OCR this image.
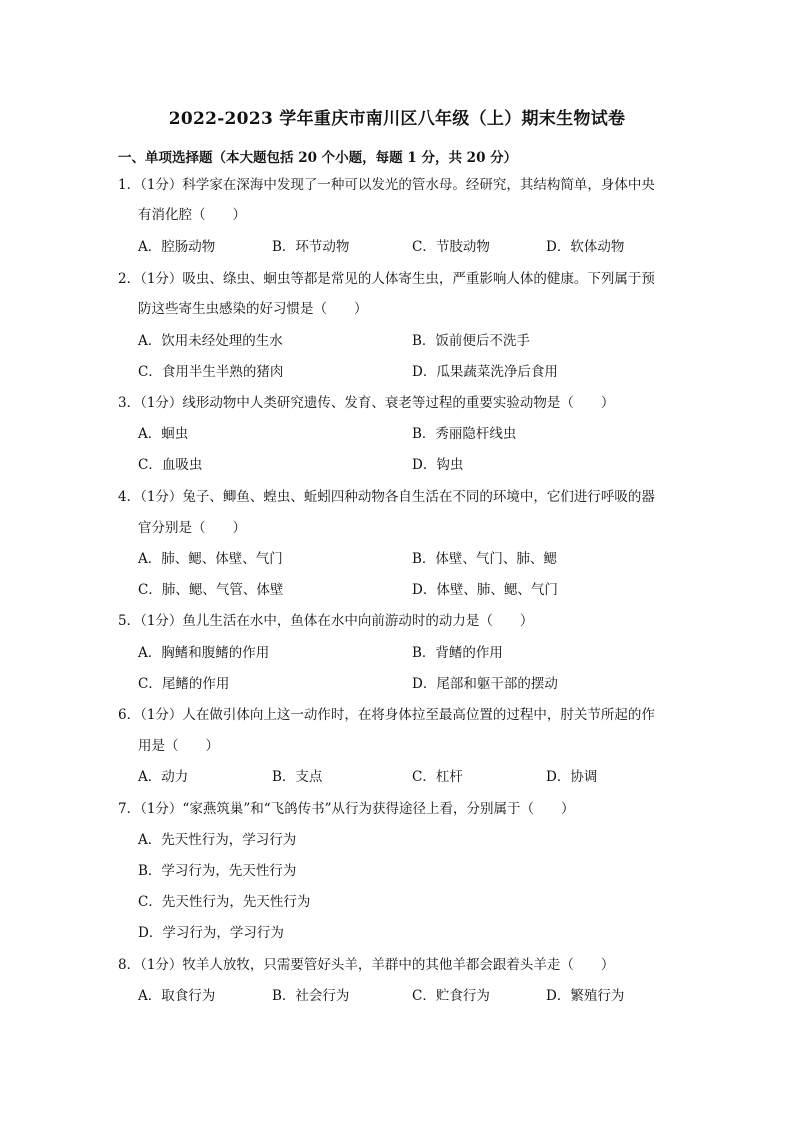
2022-2023 学年重庆市南川区八年级（上）期末生物试卷
一、单项选择题（本大题包括 20 个小题，每题 1 分，共 20 分）
1．（1分）科学家在深海中发现了一种可以发光的管水母。经研究，其结构简单，身体中央
有消化腔（　　）
A．腔肠动物	B．环节动物	C．节肢动物	D．软体动物
2．（1分）吸虫、绦虫、蛔虫等都是常见的人体寄生虫，严重影响人体的健康。下列属于预
防这些寄生虫感染的好习惯是（　　）
A．饮用未经处理的生水	B．饭前便后不洗手
C．食用半生半熟的猪肉	D．瓜果蔬菜洗净后食用
3．（1分）线形动物中人类研究遗传、发育、衰老等过程的重要实验动物是（　　）
A．蛔虫	B．秀丽隐杆线虫
C．血吸虫	D．钩虫
4．（1分）兔子、鲫鱼、蝗虫、蚯蚓四种动物各自生活在不同的环境中，它们进行呼吸的器
官分别是（　　）
A．肺、鳃、体壁、气门	B．体壁、气门、肺、鳃
C．肺、鳃、气管、体壁	D．体壁、肺、鳃、气门
5．（1分）鱼儿生活在水中，鱼体在水中向前游动时的动力是（　　）
A．胸鳍和腹鳍的作用	B．背鳍的作用
C．尾鳍的作用	D．尾部和躯干部的摆动
6．（1分）人在做引体向上这一动作时，在将身体拉至最高位置的过程中，肘关节所起的作
用是（　　）
A．动力	B．支点	C．杠杆	D．协调
7．（1分）“家燕筑巢”和“飞鸽传书”从行为获得途径上看，分别属于（　　）
A．先天性行为，学习行为
B．学习行为，先天性行为
C．先天性行为，先天性行为
D．学习行为，学习行为
8．（1分）牧羊人放牧，只需要管好头羊，羊群中的其他羊都会跟着头羊走（　　）
A．取食行为	B．社会行为	C．贮食行为	D．繁殖行为
